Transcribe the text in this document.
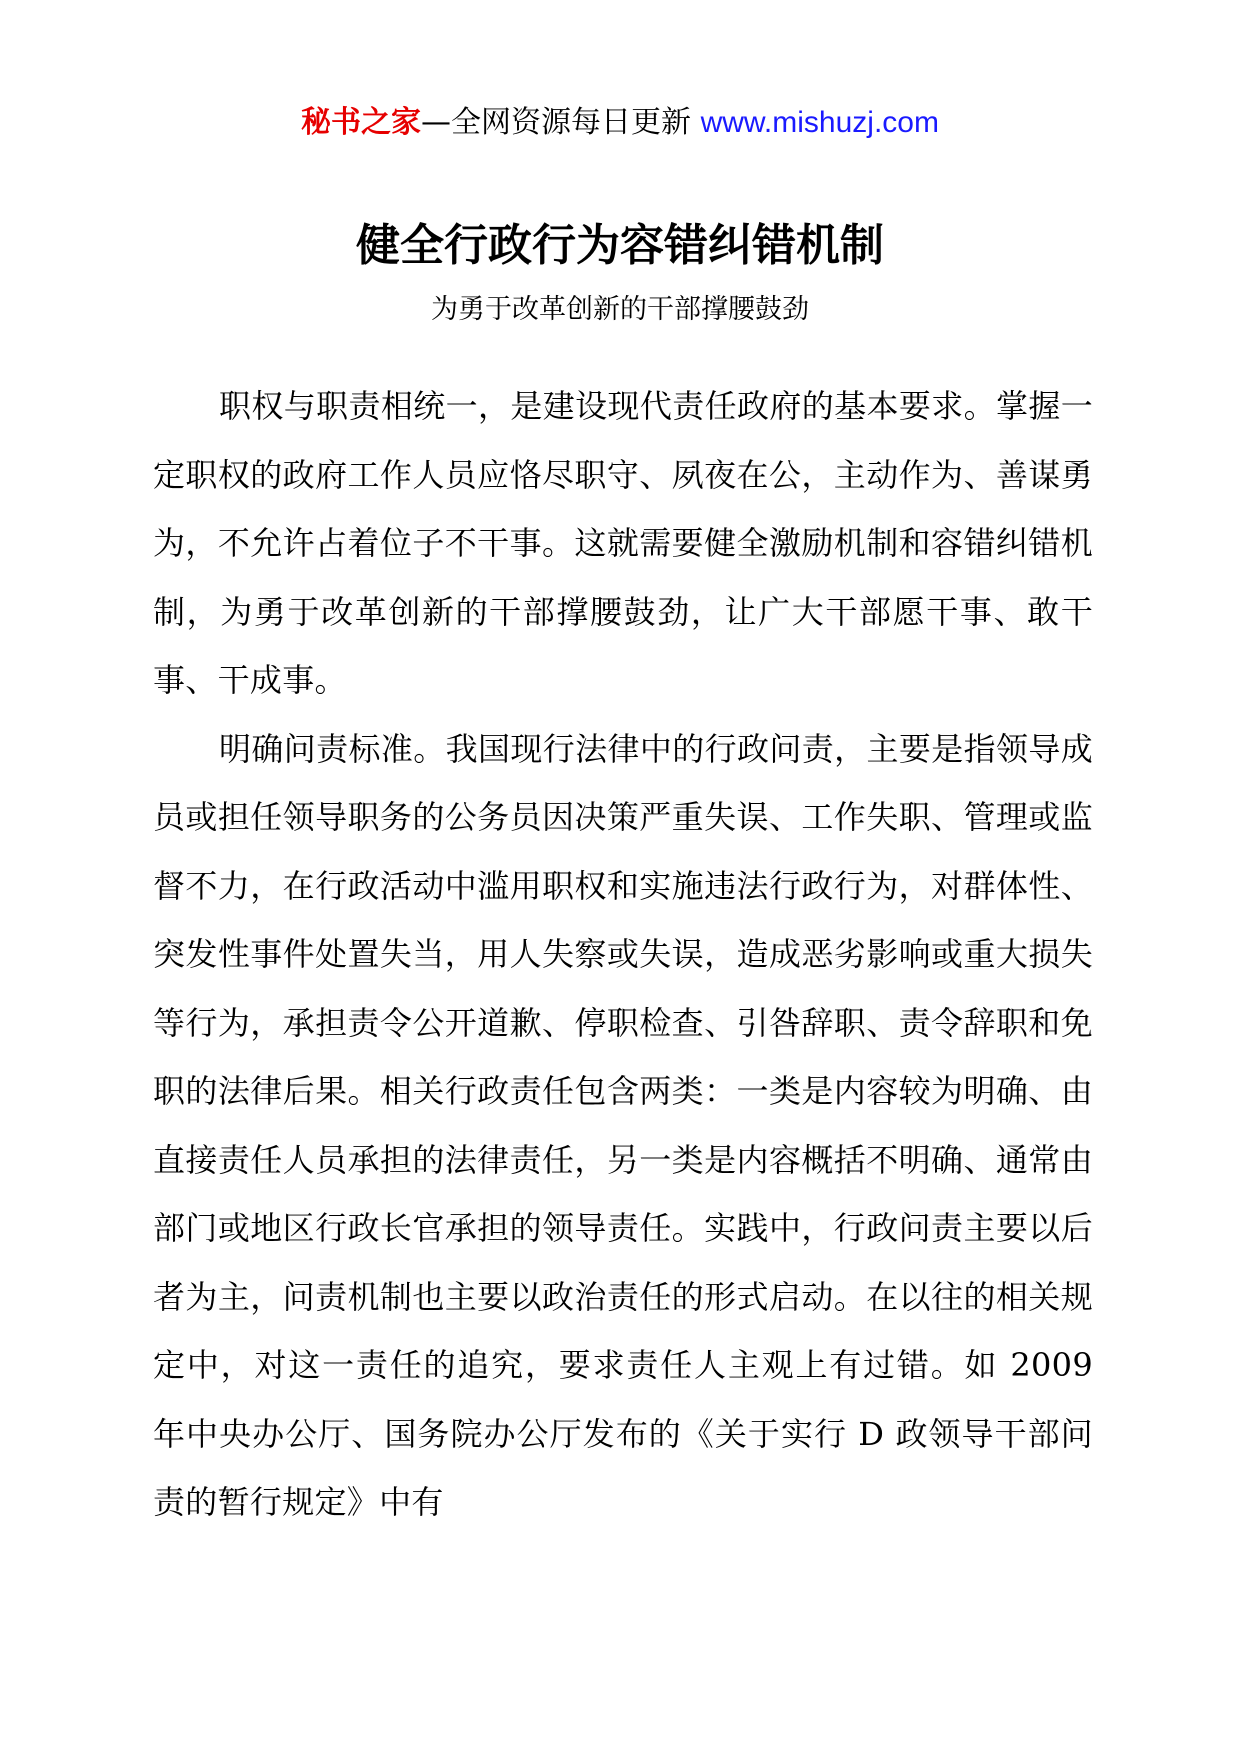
秘书之家—全网资源每日更新 www.mishuzj.com
健全行政行为容错纠错机制

为勇于改革创新的干部撑腰鼓劲

职权与职责相统一，是建设现代责任政府的基本要求。掌握一定职权的政府工作人员应恪尽职守、夙夜在公，主动作为、善谋勇为，不允许占着位子不干事。这就需要健全激励机制和容错纠错机制，为勇于改革创新的干部撑腰鼓劲，让广大干部愿干事、敢干事、干成事。

明确问责标准。我国现行法律中的行政问责，主要是指领导成员或担任领导职务的公务员因决策严重失误、工作失职、管理或监督不力，在行政活动中滥用职权和实施违法行政行为，对群体性、突发性事件处置失当，用人失察或失误，造成恶劣影响或重大损失等行为，承担责令公开道歉、停职检查、引咎辞职、责令辞职和免职的法律后果。相关行政责任包含两类：一类是内容较为明确、由直接责任人员承担的法律责任，另一类是内容概括不明确、通常由部门或地区行政长官承担的领导责任。实践中，行政问责主要以后者为主，问责机制也主要以政治责任的形式启动。在以往的相关规定中，对这一责任的追究，要求责任人主观上有过错。如 2009 年中央办公厅、国务院办公厅发布的《关于实行 D 政领导干部问责的暂行规定》中有
